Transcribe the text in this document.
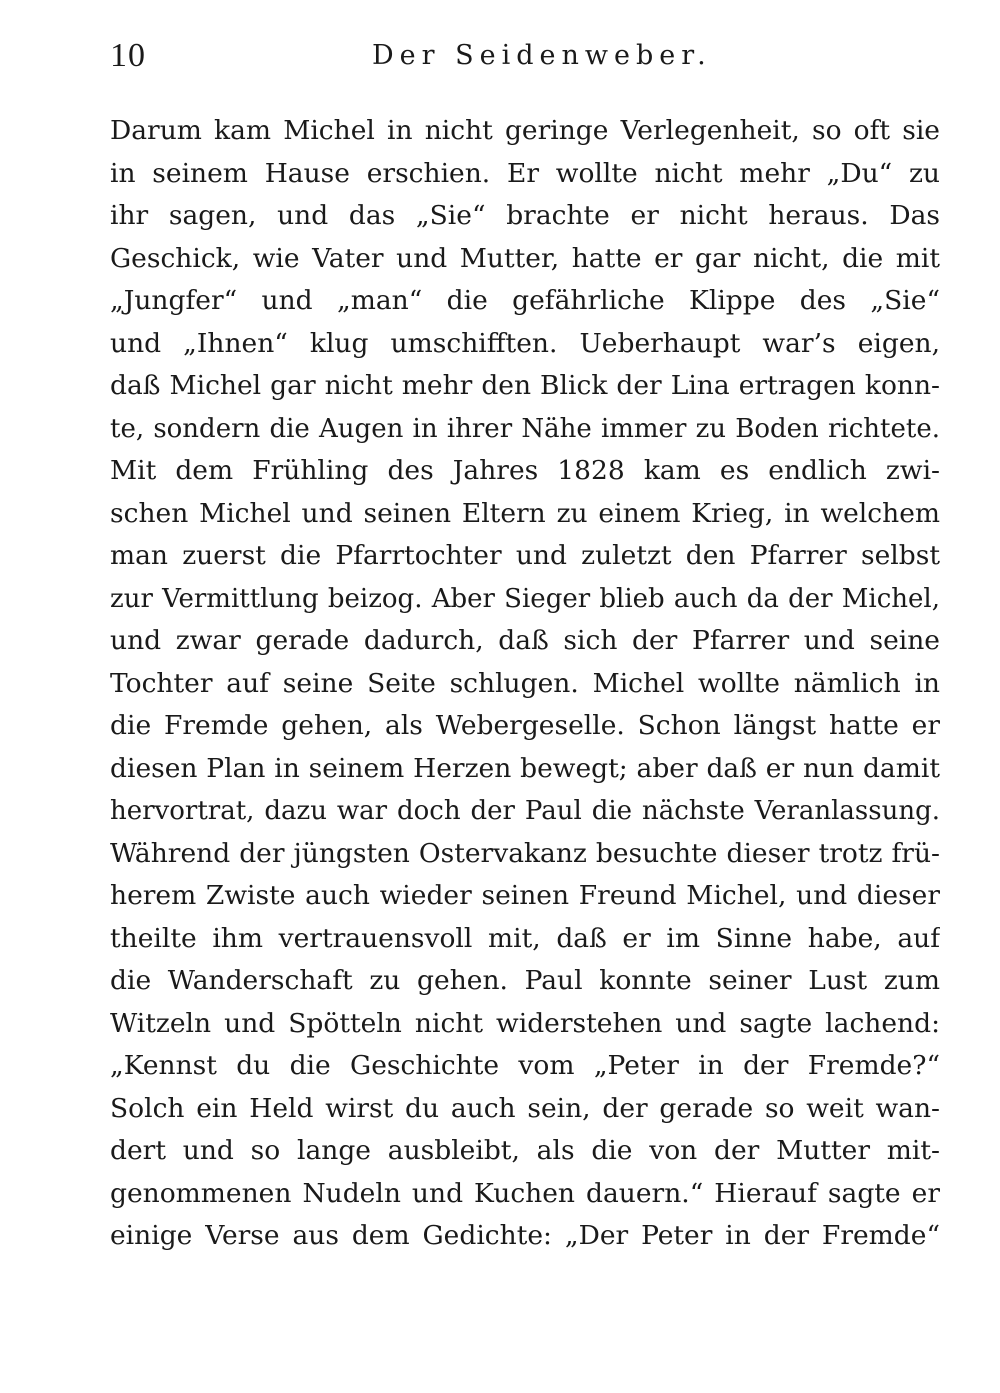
10	Der Seidenweber.
Darum kam Michel in nicht geringe Verlegenheit, so oft sie
in seinem Hause erschien. Er wollte nicht mehr „Du“ zu
ihr sagen, und das „Sie“ brachte er nicht heraus. Das
Geschick, wie Vater und Mutter, hatte er gar nicht, die mit
„Jungfer“ und „man“ die gefährliche Klippe des „Sie“
und „Ihnen“ klug umschifften. Ueberhaupt war’s eigen,
daß Michel gar nicht mehr den Blick der Lina ertragen konn-
te, sondern die Augen in ihrer Nähe immer zu Boden richtete.
Mit dem Frühling des Jahres 1828 kam es endlich zwi-
schen Michel und seinen Eltern zu einem Krieg, in welchem
man zuerst die Pfarrtochter und zuletzt den Pfarrer selbst
zur Vermittlung beizog. Aber Sieger blieb auch da der Michel,
und zwar gerade dadurch, daß sich der Pfarrer und seine
Tochter auf seine Seite schlugen. Michel wollte nämlich in
die Fremde gehen, als Webergeselle. Schon längst hatte er
diesen Plan in seinem Herzen bewegt; aber daß er nun damit
hervortrat, dazu war doch der Paul die nächste Veranlassung.
Während der jüngsten Ostervakanz besuchte dieser trotz frü-
herem Zwiste auch wieder seinen Freund Michel, und dieser
theilte ihm vertrauensvoll mit, daß er im Sinne habe, auf
die Wanderschaft zu gehen. Paul konnte seiner Lust zum
Witzeln und Spötteln nicht widerstehen und sagte lachend:
„Kennst du die Geschichte vom „Peter in der Fremde?“
Solch ein Held wirst du auch sein, der gerade so weit wan-
dert und so lange ausbleibt, als die von der Mutter mit-
genommenen Nudeln und Kuchen dauern.“ Hierauf sagte er
einige Verse aus dem Gedichte: „Der Peter in der Fremde“
